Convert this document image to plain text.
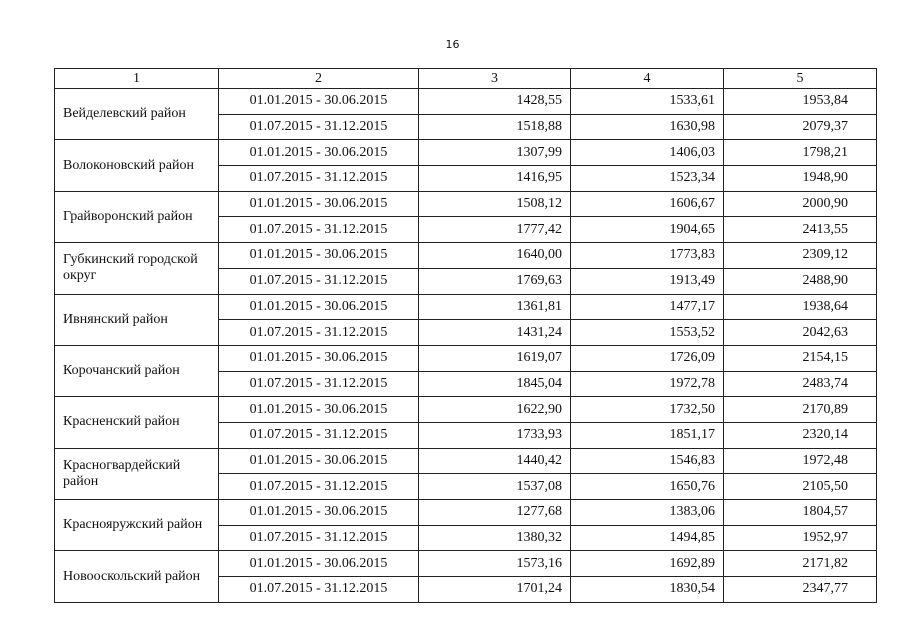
16
1	2	3	4	5
Вейделевский район	01.01.2015 - 30.06.2015	1428,55	1533,61	1953,84
	01.07.2015 - 31.12.2015	1518,88	1630,98	2079,37
Волоконовский район	01.01.2015 - 30.06.2015	1307,99	1406,03	1798,21
	01.07.2015 - 31.12.2015	1416,95	1523,34	1948,90
Грайворонский район	01.01.2015 - 30.06.2015	1508,12	1606,67	2000,90
	01.07.2015 - 31.12.2015	1777,42	1904,65	2413,55
Губкинский городской округ	01.01.2015 - 30.06.2015	1640,00	1773,83	2309,12
	01.07.2015 - 31.12.2015	1769,63	1913,49	2488,90
Ивнянский район	01.01.2015 - 30.06.2015	1361,81	1477,17	1938,64
	01.07.2015 - 31.12.2015	1431,24	1553,52	2042,63
Корочанский район	01.01.2015 - 30.06.2015	1619,07	1726,09	2154,15
	01.07.2015 - 31.12.2015	1845,04	1972,78	2483,74
Красненский район	01.01.2015 - 30.06.2015	1622,90	1732,50	2170,89
	01.07.2015 - 31.12.2015	1733,93	1851,17	2320,14
Красногвардейский район	01.01.2015 - 30.06.2015	1440,42	1546,83	1972,48
	01.07.2015 - 31.12.2015	1537,08	1650,76	2105,50
Краснояружский район	01.01.2015 - 30.06.2015	1277,68	1383,06	1804,57
	01.07.2015 - 31.12.2015	1380,32	1494,85	1952,97
Новооскольский район	01.01.2015 - 30.06.2015	1573,16	1692,89	2171,82
	01.07.2015 - 31.12.2015	1701,24	1830,54	2347,77
